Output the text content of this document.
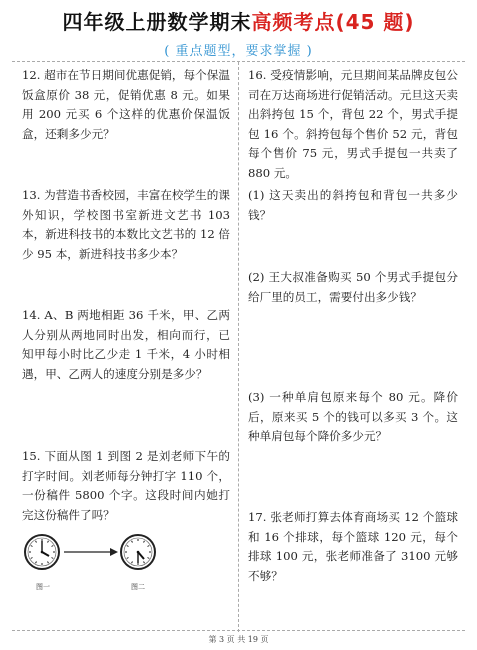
四年级上册数学期末高频考点(45 题)
( 重点题型，要求掌握 )
12. 超市在节日期间优惠促销，每个保温饭盒原价 38 元，促销优惠 8 元。如果用 200 元买 6 个这样的优惠价保温饭盒，还剩多少元？
13. 为营造书香校园，丰富在校学生的课外知识，学校图书室新进文艺书 103 本，新进科技书的本数比文艺书的 12 倍少 95 本，新进科技书多少本？
14. A、B 两地相距 36 千米，甲、乙两人分别从两地同时出发，相向而行，已知甲每小时比乙少走 1 千米，4 小时相遇，甲、乙两人的速度分别是多少？
15. 下面从图 1 到图 2 是刘老师下午的打字时间。刘老师每分钟打字 110 个，一份稿件 5800 个字。这段时间内她打完这份稿件了吗？
图一	图二
16. 受疫情影响，元旦期间某品牌皮包公司在万达商场进行促销活动。元旦这天卖出斜挎包 15 个，背包 22 个，男式手提包 16 个。斜挎包每个售价 52 元，背包每个售价 75 元，男式手提包一共卖了 880 元。
(1) 这天卖出的斜挎包和背包一共多少钱？
(2) 王大叔准备购买 50 个男式手提包分给厂里的员工，需要付出多少钱？
(3) 一种单肩包原来每个 80 元。降价后，原来买 5 个的钱可以多买 3 个。这种单肩包每个降价多少元？
17. 张老师打算去体育商场买 12 个篮球和 16 个排球，每个篮球 120 元，每个排球 100 元，张老师准备了 3100 元够不够？
第 3 页 共 19 页
